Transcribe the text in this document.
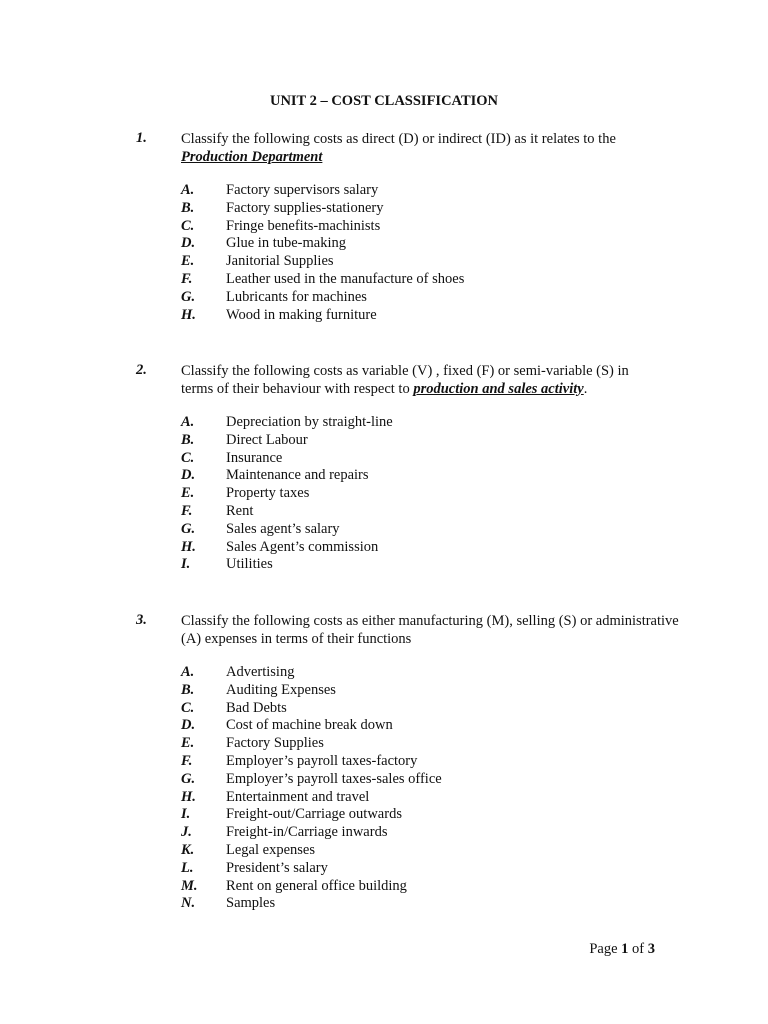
UNIT 2 – COST CLASSIFICATION
1. Classify the following costs as direct (D) or indirect (ID) as it relates to the
Production Department
A. Factory supervisors salary
B. Factory supplies-stationery
C. Fringe benefits-machinists
D. Glue in tube-making
E. Janitorial Supplies
F. Leather used in the manufacture of shoes
G. Lubricants for machines
H. Wood in making furniture
2. Classify the following costs as variable (V) , fixed (F) or semi-variable (S) in
terms of their behaviour with respect to production and sales activity.
A. Depreciation by straight-line
B. Direct Labour
C. Insurance
D. Maintenance and repairs
E. Property taxes
F. Rent
G. Sales agent’s salary
H. Sales Agent’s commission
I. Utilities
3. Classify the following costs as either manufacturing (M), selling (S) or administrative
(A) expenses in terms of their functions
A. Advertising
B. Auditing Expenses
C. Bad Debts
D. Cost of machine break down
E. Factory Supplies
F. Employer’s payroll taxes-factory
G. Employer’s payroll taxes-sales office
H. Entertainment and travel
I. Freight-out/Carriage outwards
J. Freight-in/Carriage inwards
K. Legal expenses
L. President’s salary
M. Rent on general office building
N. Samples
Page 1 of 3
